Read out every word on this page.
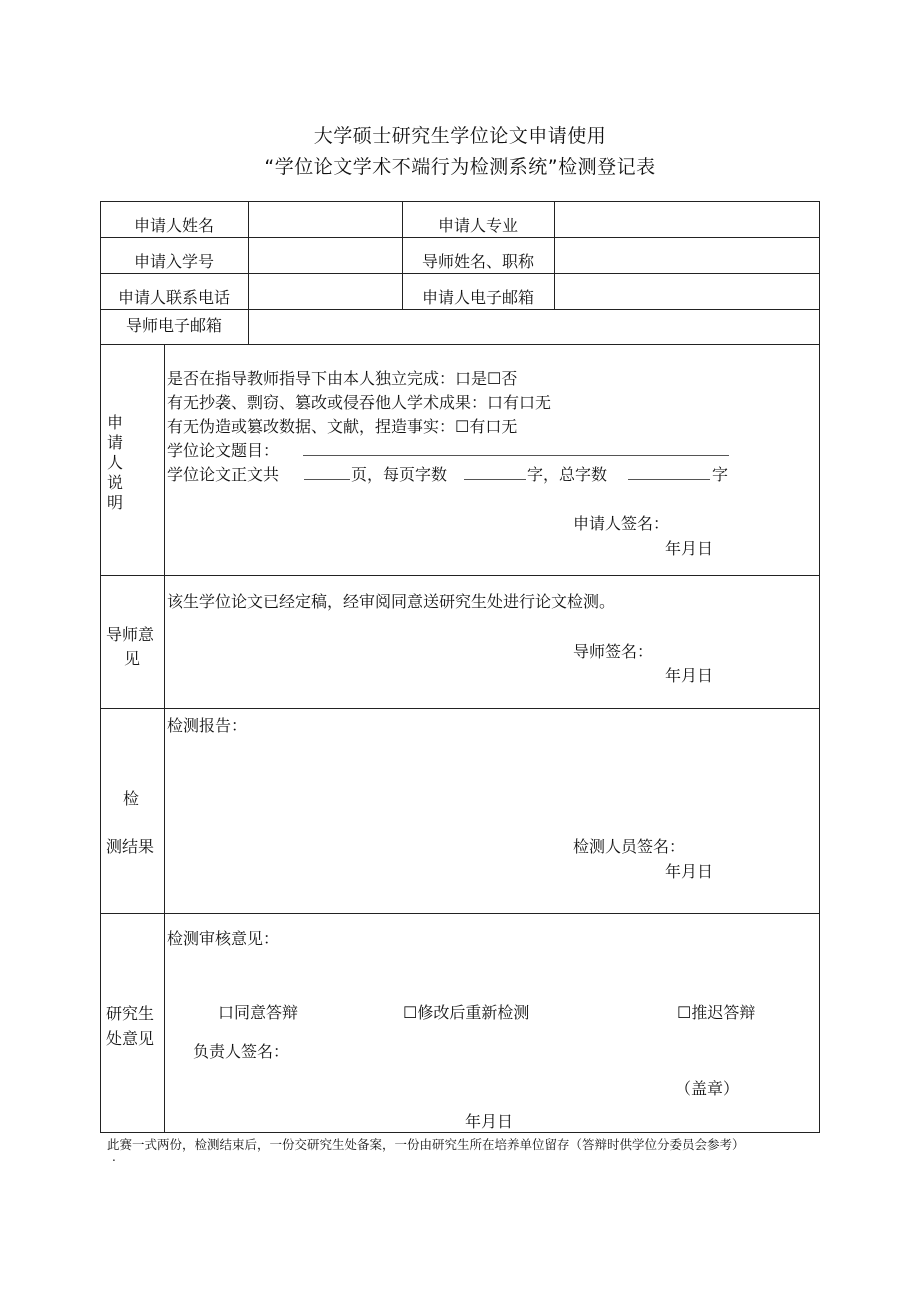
大学硕士研究生学位论文申请使用
“学位论文学术不端行为检测系统”检测登记表
申请人姓名	申请人专业
申请入学号	导师姓名、职称
申请人联系电话	申请人电子邮箱
导师电子邮箱
申
请
人
说
明
是否在指导教师指导下由本人独立完成：口是☐否
有无抄袭、剽窃、篡改或侵吞他人学术成果：口有口无
有无伪造或篡改数据、文献，捏造事实：☐有口无
学位论文题目：
学位论文正文共	页，每页字数	字，总字数	字
申请人签名：
年月日
导师意
见
该生学位论文已经定稿，经审阅同意送研究生处进行论文检测。
导师签名：
年月日
检
测结果
检测报告：
检测人员签名：
年月日
研究生
处意见
检测审核意见：
口同意答辩	☐修改后重新检测	☐推迟答辩
负责人签名：
（盖章）
年月日
此赛一式两份，检测结束后，一份交研究生处备案，一份由研究生所在培养单位留存（答辩时供学位分委员会参考）
.
